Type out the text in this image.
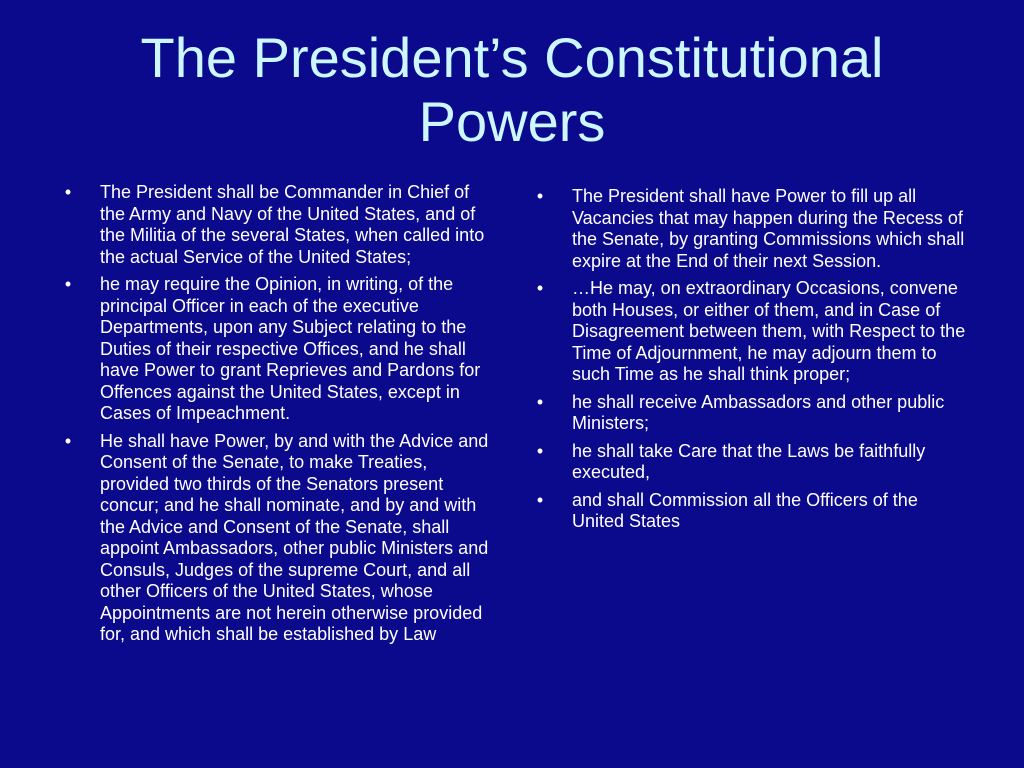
The President’s Constitutional Powers
•	The President shall be Commander in Chief of the Army and Navy of the United States, and of the Militia of the several States, when called into the actual Service of the United States;
•	he may require the Opinion, in writing, of the principal Officer in each of the executive Departments, upon any Subject relating to the Duties of their respective Offices, and he shall have Power to grant Reprieves and Pardons for Offences against the United States, except in Cases of Impeachment.
•	He shall have Power, by and with the Advice and Consent of the Senate, to make Treaties, provided two thirds of the Senators present concur; and he shall nominate, and by and with the Advice and Consent of the Senate, shall appoint Ambassadors, other public Ministers and Consuls, Judges of the supreme Court, and all other Officers of the United States, whose Appointments are not herein otherwise provided for, and which shall be established by Law
•	The President shall have Power to fill up all Vacancies that may happen during the Recess of the Senate, by granting Commissions which shall expire at the End of their next Session.
•	…He may, on extraordinary Occasions, convene both Houses, or either of them, and in Case of Disagreement between them, with Respect to the Time of Adjournment, he may adjourn them to such Time as he shall think proper;
•	he shall receive Ambassadors and other public Ministers;
•	he shall take Care that the Laws be faithfully executed,
•	and shall Commission all the Officers of the United States
